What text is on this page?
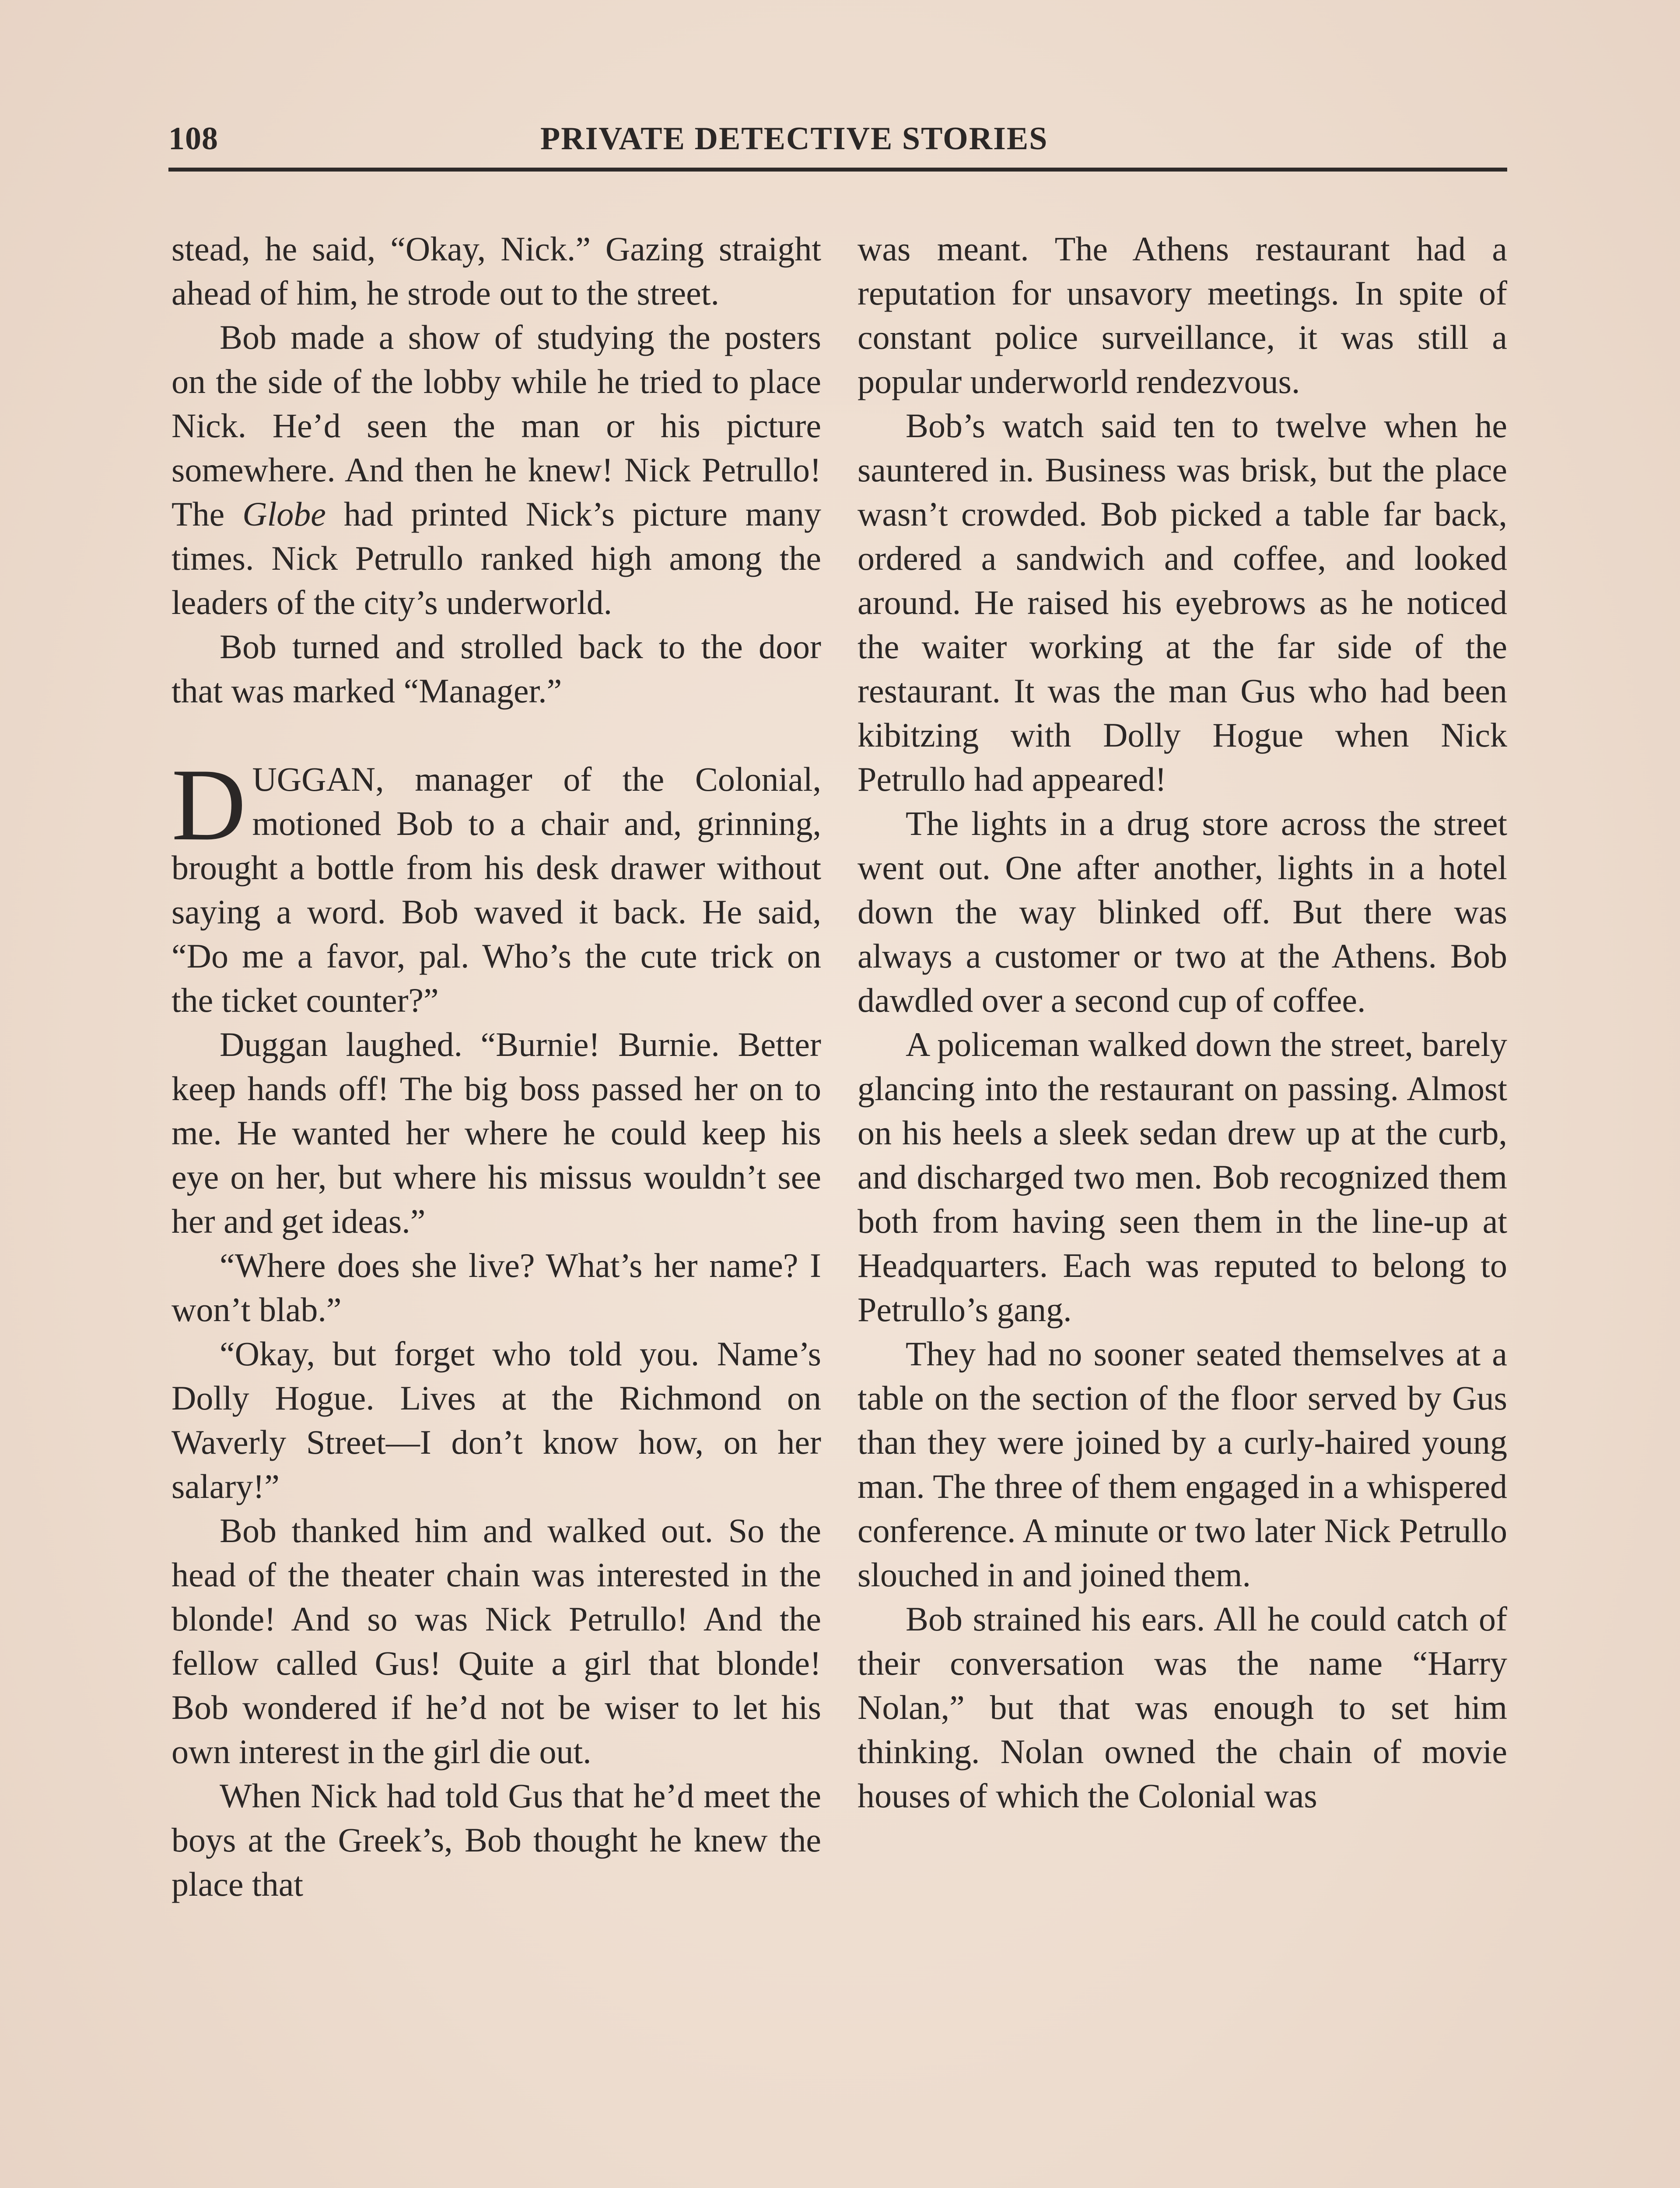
108	PRIVATE DETECTIVE STORIES

stead, he said, “Okay, Nick.” Gazing straight ahead of him, he strode out to the street.

Bob made a show of studying the posters on the side of the lobby while he tried to place Nick. He’d seen the man or his picture somewhere. And then he knew! Nick Petrullo! The Globe had printed Nick’s picture many times. Nick Petrullo ranked high among the leaders of the city’s underworld.

Bob turned and strolled back to the door that was marked “Manager.”

DUGGAN, manager of the Colonial, motioned Bob to a chair and, grinning, brought a bottle from his desk drawer without saying a word. Bob waved it back. He said, “Do me a favor, pal. Who’s the cute trick on the ticket counter?”

Duggan laughed. “Burnie! Burnie. Better keep hands off! The big boss passed her on to me. He wanted her where he could keep his eye on her, but where his missus wouldn’t see her and get ideas.”

“Where does she live? What’s her name? I won’t blab.”

“Okay, but forget who told you. Name’s Dolly Hogue. Lives at the Richmond on Waverly Street—I don’t know how, on her salary!”

Bob thanked him and walked out. So the head of the theater chain was interested in the blonde! And so was Nick Petrullo! And the fellow called Gus! Quite a girl that blonde! Bob wondered if he’d not be wiser to let his own interest in the girl die out.

When Nick had told Gus that he’d meet the boys at the Greek’s, Bob thought he knew the place that

was meant. The Athens restaurant had a reputation for unsavory meetings. In spite of constant police surveillance, it was still a popular underworld rendezvous.

Bob’s watch said ten to twelve when he sauntered in. Business was brisk, but the place wasn’t crowded. Bob picked a table far back, ordered a sandwich and coffee, and looked around. He raised his eyebrows as he noticed the waiter working at the far side of the restaurant. It was the man Gus who had been kibitzing with Dolly Hogue when Nick Petrullo had appeared!

The lights in a drug store across the street went out. One after another, lights in a hotel down the way blinked off. But there was always a customer or two at the Athens. Bob dawdled over a second cup of coffee.

A policeman walked down the street, barely glancing into the restaurant on passing. Almost on his heels a sleek sedan drew up at the curb, and discharged two men. Bob recognized them both from having seen them in the line-up at Headquarters. Each was reputed to belong to Petrullo’s gang.

They had no sooner seated themselves at a table on the section of the floor served by Gus than they were joined by a curly-haired young man. The three of them engaged in a whispered conference. A minute or two later Nick Petrullo slouched in and joined them.

Bob strained his ears. All he could catch of their conversation was the name “Harry Nolan,” but that was enough to set him thinking. Nolan owned the chain of movie houses of which the Colonial was
